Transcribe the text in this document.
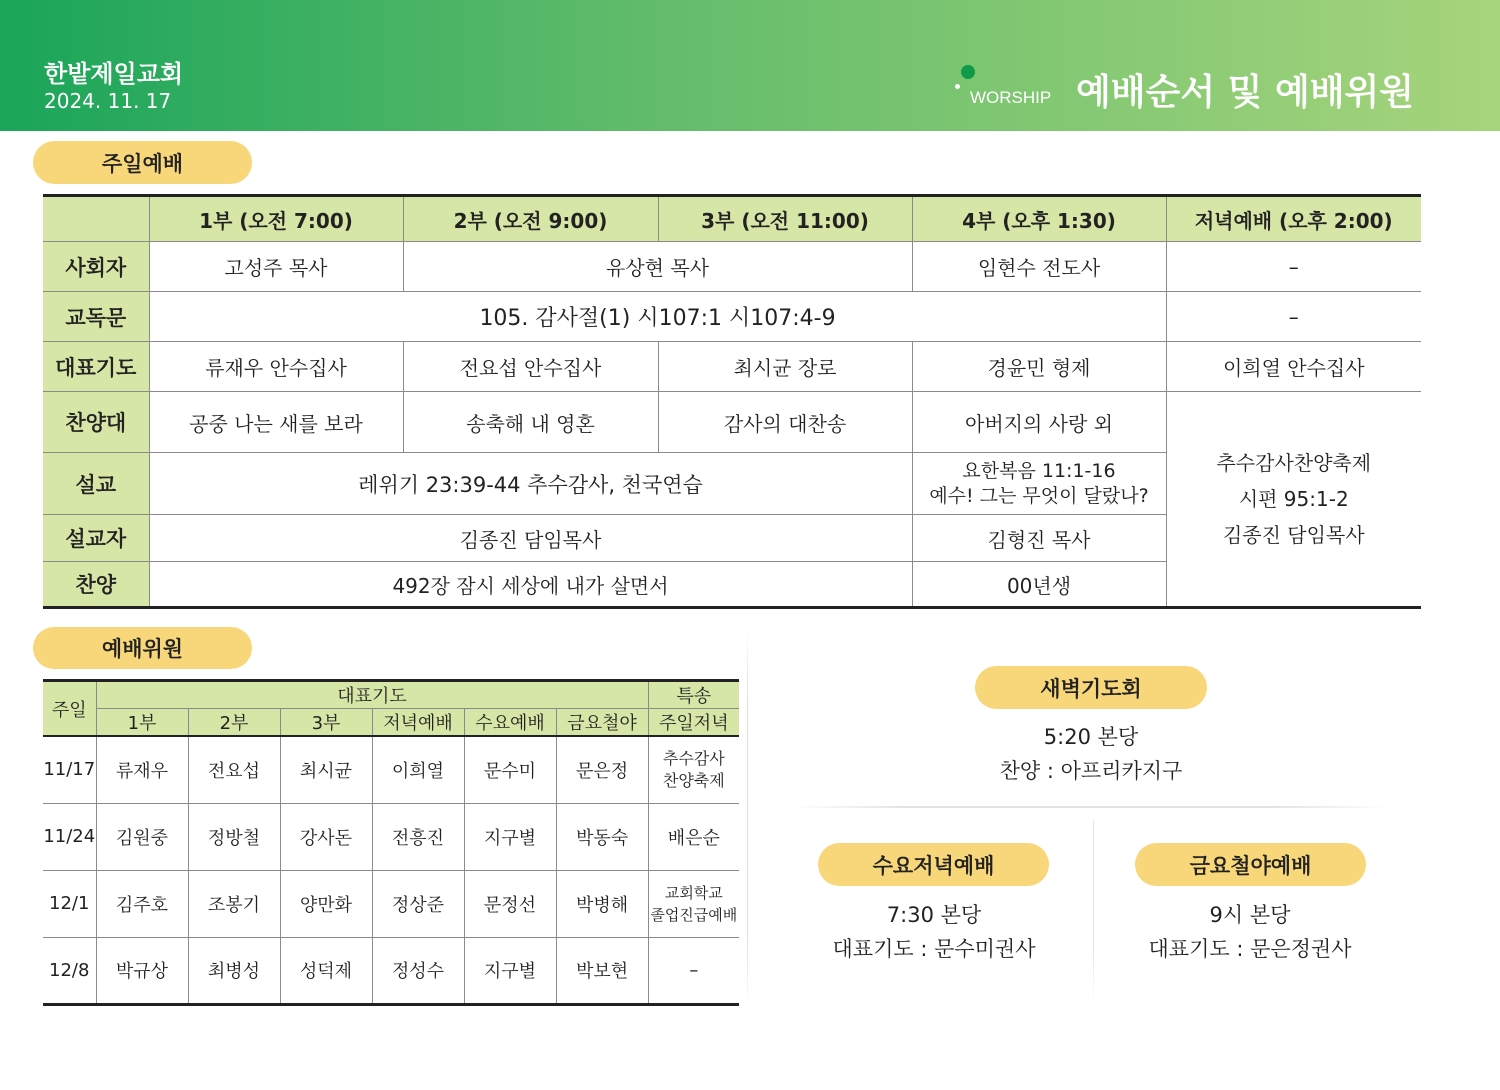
한밭제일교회
2024. 11. 17	WORSHIP 예배순서 및 예배위원
주일예배
	1부 (오전 7:00)	2부 (오전 9:00)	3부 (오전 11:00)	4부 (오후 1:30)	저녁예배 (오후 2:00)
사회자	고성주 목사	유상현 목사		임현수 전도사	–
교독문	105. 감사절(1) 시107:1 시107:4-9				–
대표기도	류재우 안수집사	전요섭 안수집사	최시균 장로	경윤민 형제	이희열 안수집사
찬양대	공중 나는 새를 보라	송축해 내 영혼	감사의 대찬송	아버지의 사랑 외	추수감사찬양축제
시편 95:1-2
김종진 담임목사

설교	레위기 23:39-44 추수감사, 천국연습			요한복음 11:1-16
예수! 그는 무엇이 달랐나?	

설교자	김종진 담임목사			김형진 목사	
찬양	492장 잠시 세상에 내가 살면서			00년생	
예배위원
주일	대표기도						특송
	1부	2부	3부	저녁예배	수요예배	금요철야	주일저녁
11/17	류재우	전요섭	최시균	이희열	문수미	문은정	추수감사
찬양축제

11/24	김원중	정방철	강사돈	전흥진	지구별	박동숙	배은순

12/1	김주호	조봉기	양만화	정상준	문정선	박병해	교회학교
졸업진급예배

12/8	박규상	최병성	성덕제	정성수	지구별	박보현	–
새벽기도회
5:20 본당
찬양 : 아프리카지구
수요저녁예배
7:30 본당
대표기도 : 문수미권사
금요철야예배
9시 본당
대표기도 : 문은정권사
